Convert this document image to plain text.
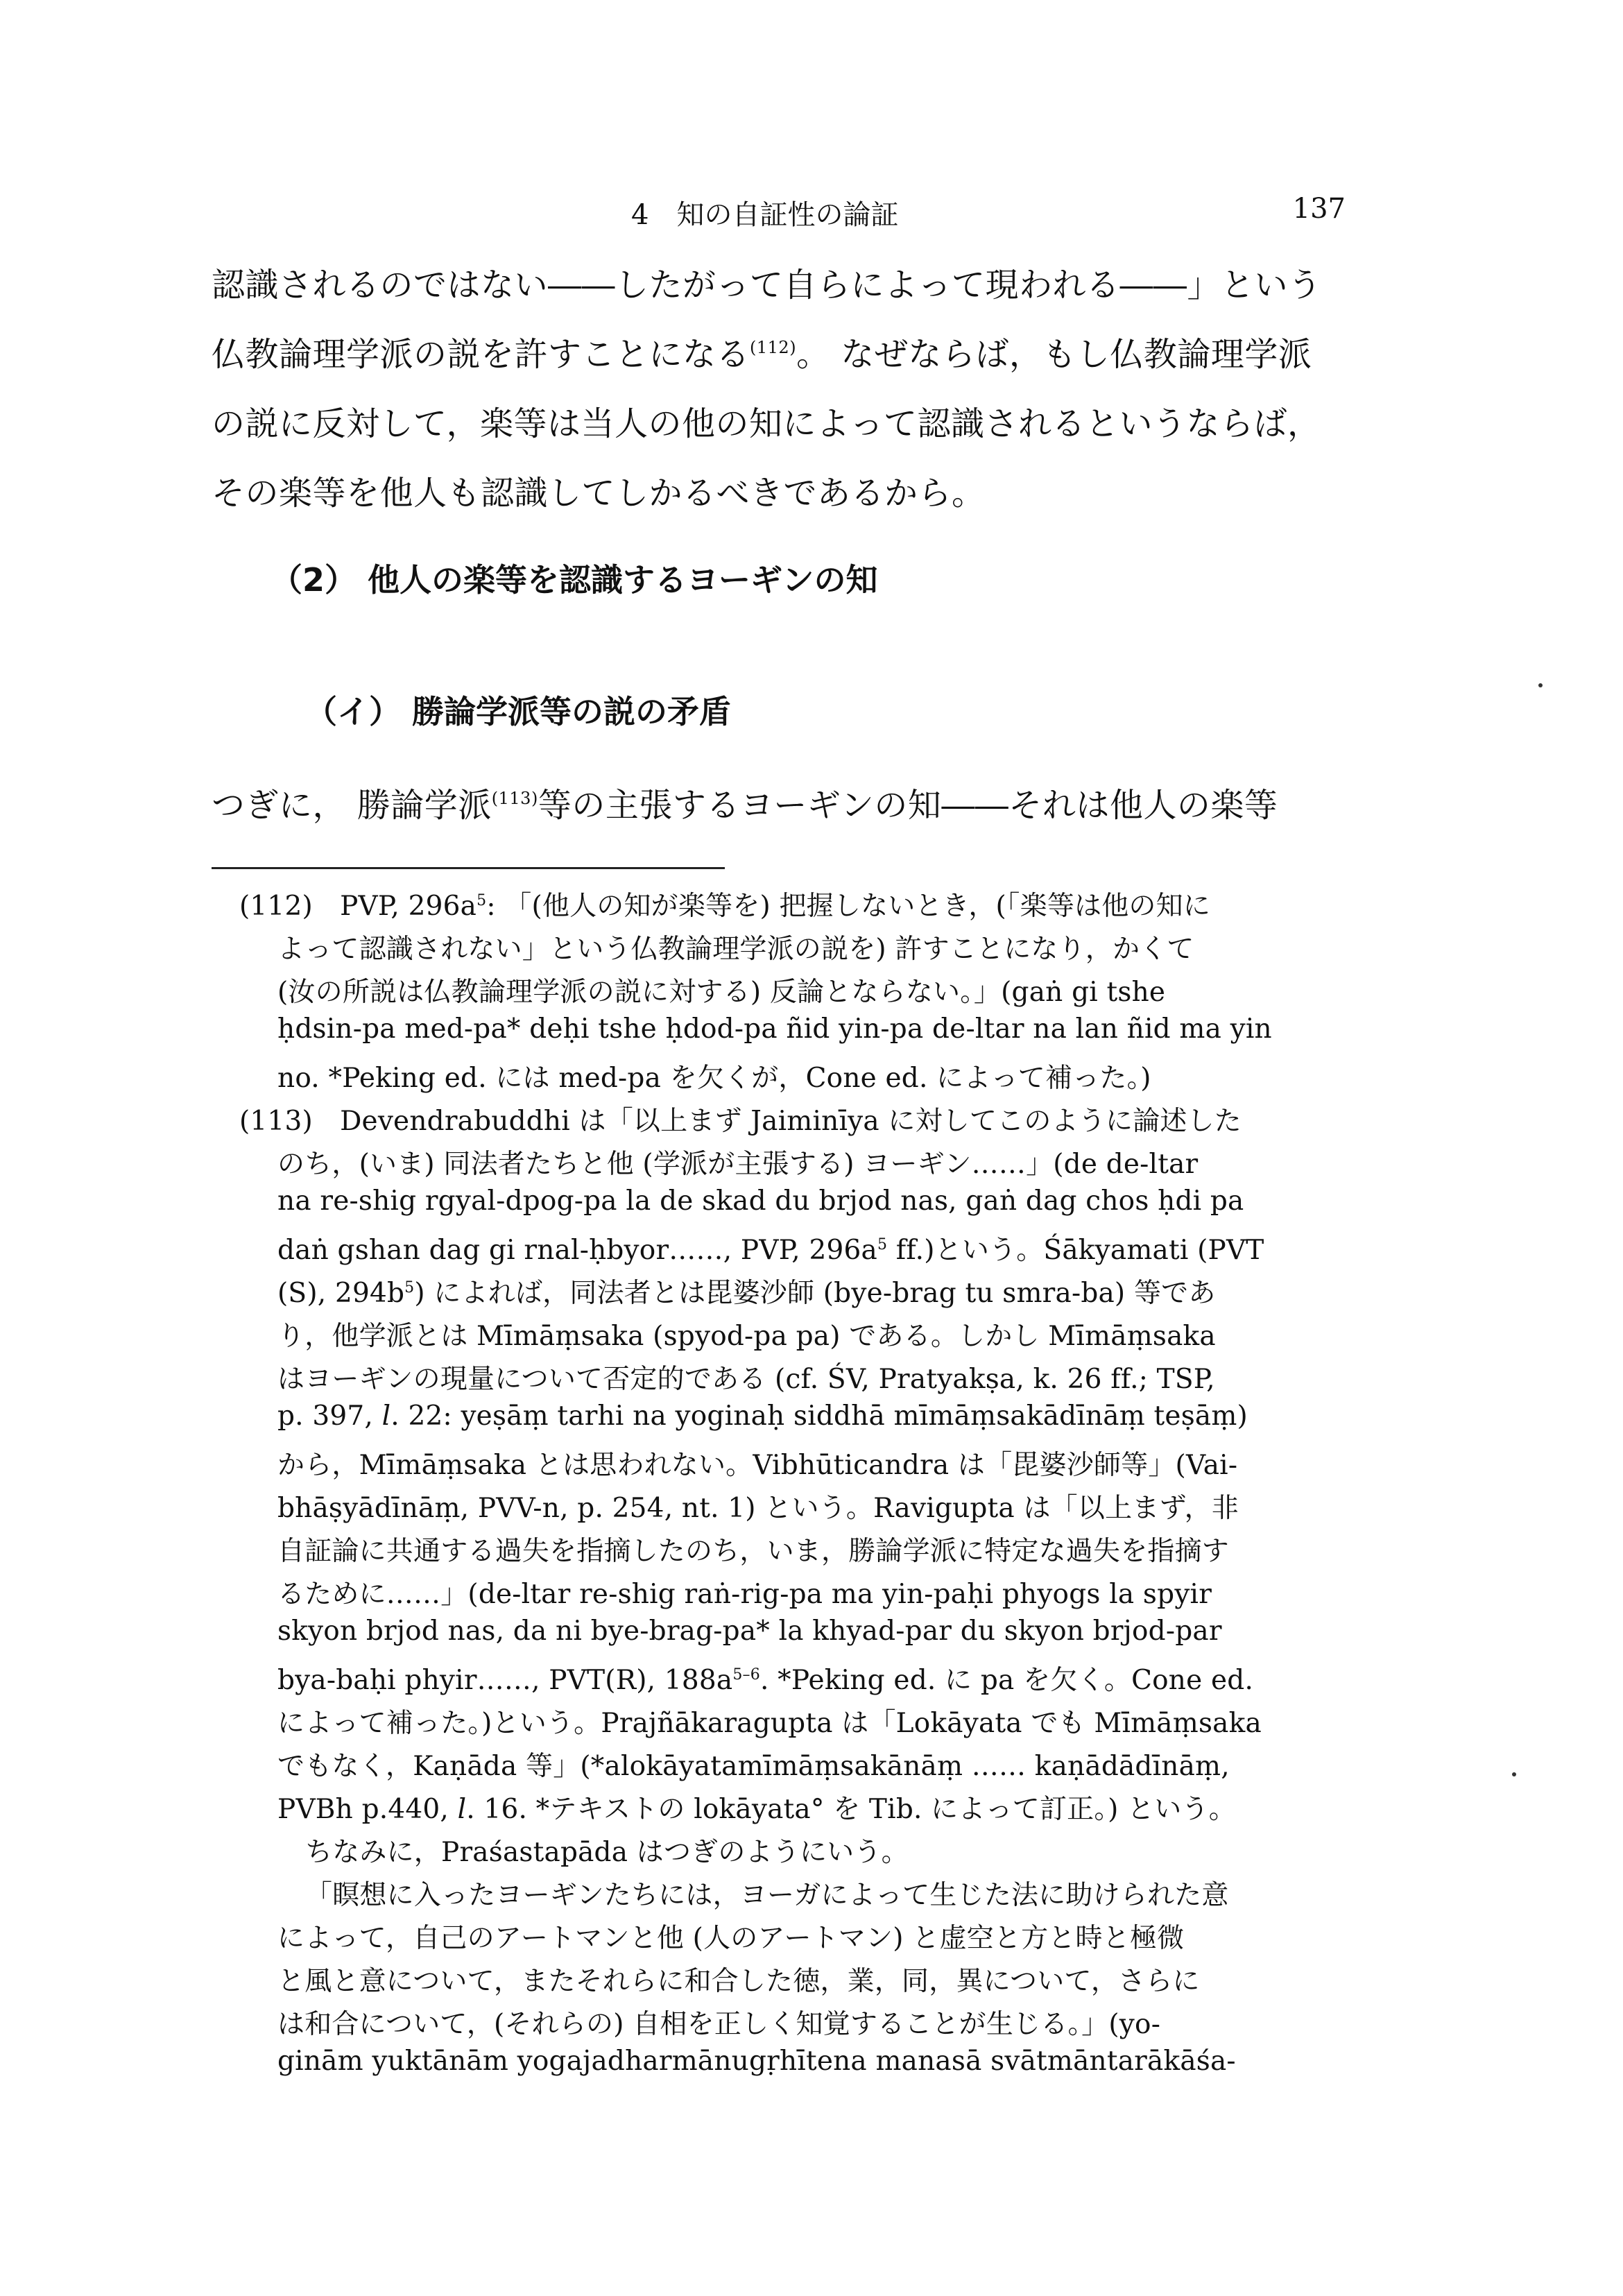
4　知の自証性の論証	137
認識されるのではない――したがって自らによって現われる――」という
仏教論理学派の説を許すことになる$^{(112)}$。 なぜならば，もし仏教論理学派
の説に反対して，楽等は当人の他の知によって認識されるというならば，
その楽等を他人も認識してしかるべきであるから。
（2） 他人の楽等を認識するヨーギンの知
（イ） 勝論学派等の説の矛盾
つぎに， 勝論学派$^{(113)}$等の主張するヨーギンの知――それは他人の楽等
(112)　PVP, 296a$^5$: 「(他人の知が楽等を) 把握しないとき，(「楽等は他の知に
よって認識されない」という仏教論理学派の説を) 許すことになり，かくて
(汝の所説は仏教論理学派の説に対する) 反論とならない。」(gaṅ gi tshe
ḥdsin-pa med-pa* deḥi tshe ḥdod-pa ñid yin-pa de-ltar na lan ñid ma yin
no. *Peking ed. には med-pa を欠くが，Cone ed. によって補った。)
(113)　Devendrabuddhi は「以上まず Jaiminīya に対してこのように論述した
のち，(いま) 同法者たちと他 (学派が主張する) ヨーギン……」(de de-ltar
na re-shig rgyal-dpog-pa la de skad du brjod nas, gaṅ dag chos ḥdi pa
daṅ gshan dag gi rnal-ḥbyor……, PVP, 296a$^5$ ff.)という。Śākyamati (PVT
(S), 294b$^5$) によれば，同法者とは毘婆沙師 (bye-brag tu smra-ba) 等であ
り，他学派とは Mīmāṃsaka (spyod-pa pa) である。しかし Mīmāṃsaka
はヨーギンの現量について否定的である (cf. ŚV, Pratyakṣa, k. 26 ff.; TSP,
p. 397, l. 22: yeṣāṃ tarhi na yoginaḥ siddhā mīmāṃsakādīnāṃ teṣāṃ)
から，Mīmāṃsaka とは思われない。Vibhūticandra は「毘婆沙師等」(Vai-
bhāṣyādīnāṃ, PVV-n, p. 254, nt. 1) という。Ravigupta は「以上まず，非
自証論に共通する過失を指摘したのち，いま，勝論学派に特定な過失を指摘す
るために……」(de-ltar re-shig raṅ-rig-pa ma yin-paḥi phyogs la spyir
skyon brjod nas, da ni bye-brag-pa* la khyad-par du skyon brjod-par
bya-baḥi phyir……, PVT(R), 188a$^{5-6}$. *Peking ed. に pa を欠く。Cone ed.
によって補った。)という。Prajñākaragupta は「Lokāyata でも Mīmāṃsaka
でもなく，Kaṇāda 等」(*alokāyatamīmāṃsakānāṃ …… kaṇādādīnāṃ,
PVBh p.440, l. 16. *テキストの lokāyata° を Tib. によって訂正。) という。
ちなみに，Praśastapāda はつぎのようにいう。
「瞑想に入ったヨーギンたちには，ヨーガによって生じた法に助けられた意
によって，自己のアートマンと他 (人のアートマン) と虚空と方と時と極微
と風と意について，またそれらに和合した徳，業，同，異について，さらに
は和合について，(それらの) 自相を正しく知覚することが生じる。」(yo-
ginām yuktānām yogajadharmānugṛhītena manasā svātmāntarākāśa-
